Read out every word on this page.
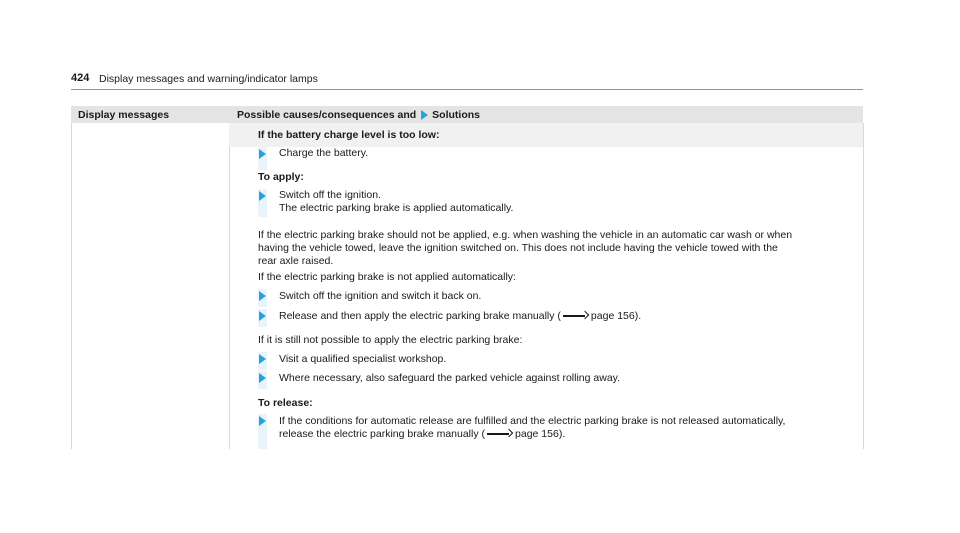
424 Display messages and warning/indicator lamps
Display messages	Possible causes/consequences and Solutions
If the battery charge level is too low:
Charge the battery.
To apply:
Switch off the ignition.
The electric parking brake is applied automatically.
If the electric parking brake should not be applied, e.g. when washing the vehicle in an automatic car wash or when
having the vehicle towed, leave the ignition switched on. This does not include having the vehicle towed with the
rear axle raised.
If the electric parking brake is not applied automatically:
Switch off the ignition and switch it back on.
Release and then apply the electric parking brake manually (	page 156).
If it is still not possible to apply the electric parking brake:
Visit a qualified specialist workshop.
Where necessary, also safeguard the parked vehicle against rolling away.
To release:
If the conditions for automatic release are fulfilled and the electric parking brake is not released automatically,
release the electric parking brake manually (	page 156).
